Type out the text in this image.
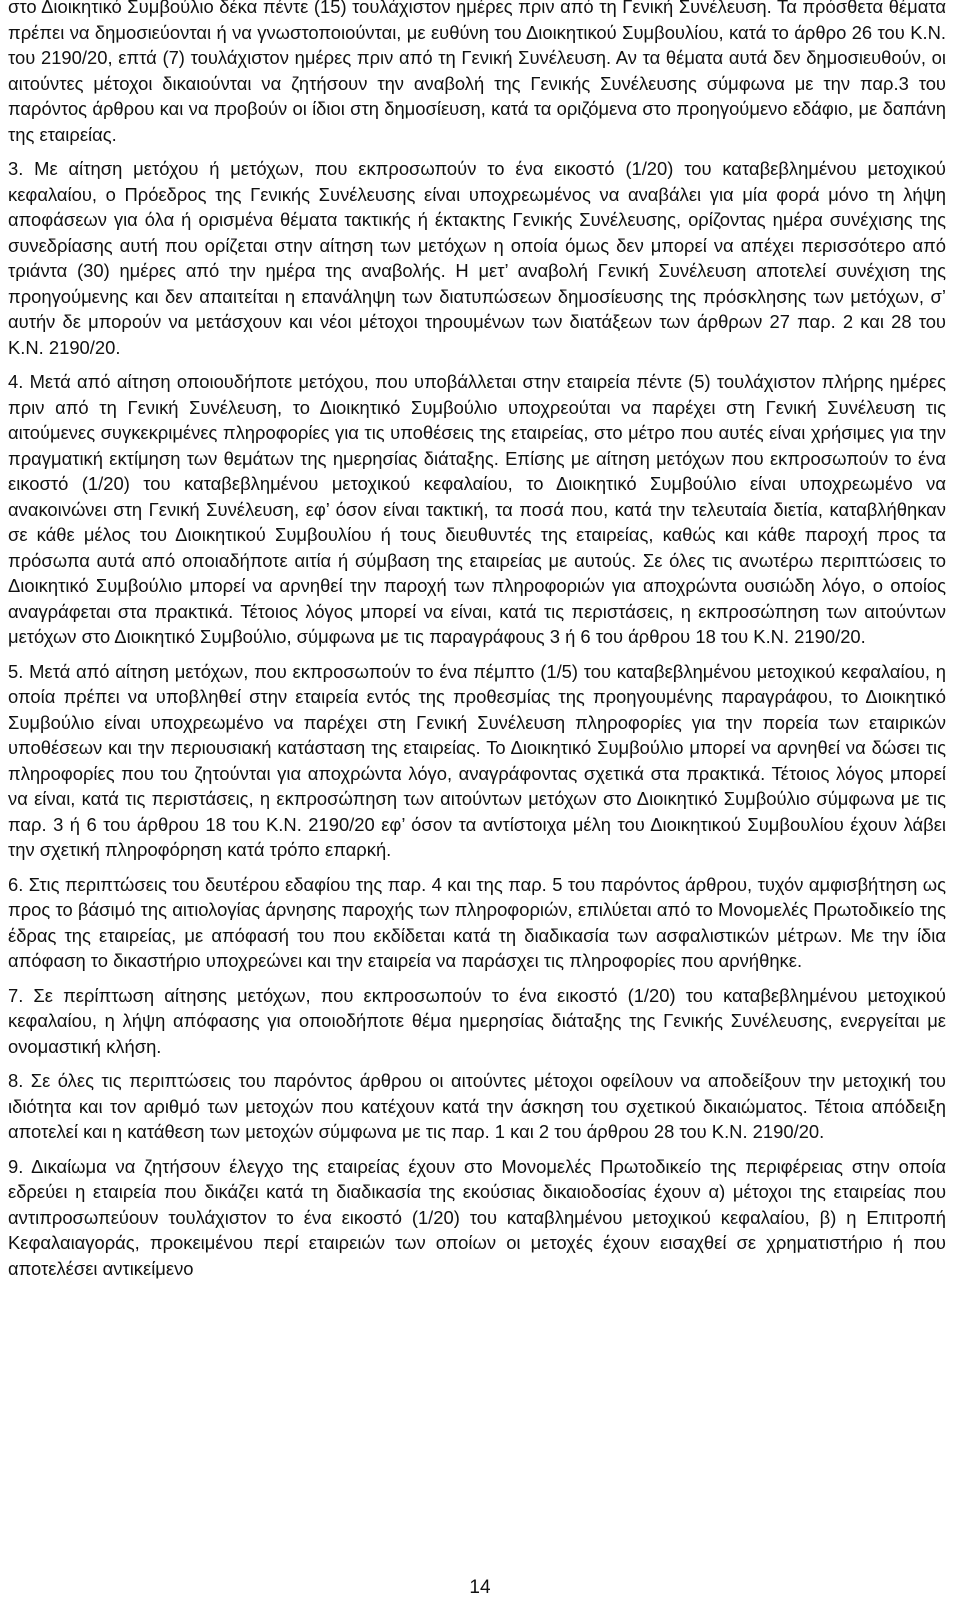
στο Διοικητικό Συμβούλιο δέκα πέντε (15) τουλάχιστον ημέρες πριν από τη Γενική Συνέλευση. Τα πρόσθετα θέματα πρέπει να δημοσιεύονται ή να γνωστοποιούνται, με ευθύνη του Διοικητικού Συμβουλίου, κατά το άρθρο 26 του Κ.Ν. του 2190/20, επτά (7) τουλάχιστον ημέρες πριν από τη Γενική Συνέλευση. Αν τα θέματα αυτά δεν δημοσιευθούν, οι αιτούντες μέτοχοι δικαιούνται να ζητήσουν την αναβολή της Γενικής Συνέλευσης σύμφωνα με την παρ.3 του παρόντος άρθρου και να προβούν οι ίδιοι στη δημοσίευση, κατά τα οριζόμενα στο προηγούμενο εδάφιο, με δαπάνη της εταιρείας.

3. Με αίτηση μετόχου ή μετόχων, που εκπροσωπούν το ένα εικοστό (1/20) του καταβεβλημένου μετοχικού κεφαλαίου, ο Πρόεδρος της Γενικής Συνέλευσης είναι υποχρεωμένος να αναβάλει για μία φορά μόνο τη λήψη αποφάσεων για όλα ή ορισμένα θέματα τακτικής ή έκτακτης Γενικής Συνέλευσης, ορίζοντας ημέρα συνέχισης της συνεδρίασης αυτή που ορίζεται στην αίτηση των μετόχων η οποία όμως δεν μπορεί να απέχει περισσότερο από τριάντα (30) ημέρες από την ημέρα της αναβολής. Η μετ’ αναβολή Γενική Συνέλευση αποτελεί συνέχιση της προηγούμενης και δεν απαιτείται η επανάληψη των διατυπώσεων δημοσίευσης της πρόσκλησης των μετόχων, σ’ αυτήν δε μπορούν να μετάσχουν και νέοι μέτοχοι τηρουμένων των διατάξεων των άρθρων 27 παρ. 2 και 28 του Κ.Ν. 2190/20.

4. Μετά από αίτηση οποιουδήποτε μετόχου, που υποβάλλεται στην εταιρεία πέντε (5) τουλάχιστον πλήρης ημέρες πριν από τη Γενική Συνέλευση, το Διοικητικό Συμβούλιο υποχρεούται να παρέχει στη Γενική Συνέλευση τις αιτούμενες συγκεκριμένες πληροφορίες για τις υποθέσεις της εταιρείας, στο μέτρο που αυτές είναι χρήσιμες για την πραγματική εκτίμηση των θεμάτων της ημερησίας διάταξης. Επίσης με αίτηση μετόχων που εκπροσωπούν το ένα εικοστό (1/20) του καταβεβλημένου μετοχικού κεφαλαίου, το Διοικητικό Συμβούλιο είναι υποχρεωμένο να ανακοινώνει στη Γενική Συνέλευση, εφ’ όσον είναι τακτική, τα ποσά που, κατά την τελευταία διετία, καταβλήθηκαν σε κάθε μέλος του Διοικητικού Συμβουλίου ή τους διευθυντές της εταιρείας, καθώς και κάθε παροχή προς τα πρόσωπα αυτά από οποιαδήποτε αιτία ή σύμβαση της εταιρείας με αυτούς. Σε όλες τις ανωτέρω περιπτώσεις το Διοικητικό Συμβούλιο μπορεί να αρνηθεί την παροχή των πληροφοριών για αποχρώντα ουσιώδη λόγο, ο οποίος αναγράφεται στα πρακτικά. Τέτοιος λόγος μπορεί να είναι, κατά τις περιστάσεις, η εκπροσώπηση των αιτούντων μετόχων στο Διοικητικό Συμβούλιο, σύμφωνα με τις παραγράφους 3 ή 6 του άρθρου 18 του Κ.Ν. 2190/20.

5. Μετά από αίτηση μετόχων, που εκπροσωπούν το ένα πέμπτο (1/5) του καταβεβλημένου μετοχικού κεφαλαίου, η οποία πρέπει να υποβληθεί στην εταιρεία εντός της προθεσμίας της προηγουμένης παραγράφου, το Διοικητικό Συμβούλιο είναι υποχρεωμένο να παρέχει στη Γενική Συνέλευση πληροφορίες για την πορεία των εταιρικών υποθέσεων και την περιουσιακή κατάσταση της εταιρείας. Το Διοικητικό Συμβούλιο μπορεί να αρνηθεί να δώσει τις πληροφορίες που του ζητούνται για αποχρώντα λόγο, αναγράφοντας σχετικά στα πρακτικά. Τέτοιος λόγος μπορεί να είναι, κατά τις περιστάσεις, η εκπροσώπηση των αιτούντων μετόχων στο Διοικητικό Συμβούλιο σύμφωνα με τις παρ. 3 ή 6 του άρθρου 18 του Κ.Ν. 2190/20 εφ’ όσον τα αντίστοιχα μέλη του Διοικητικού Συμβουλίου έχουν λάβει την σχετική πληροφόρηση κατά τρόπο επαρκή.

6. Στις περιπτώσεις του δευτέρου εδαφίου της παρ. 4 και της παρ. 5 του παρόντος άρθρου, τυχόν αμφισβήτηση ως προς το βάσιμό της αιτιολογίας άρνησης παροχής των πληροφοριών, επιλύεται από το Μονομελές Πρωτοδικείο της έδρας της εταιρείας, με απόφασή του που εκδίδεται κατά τη διαδικασία των ασφαλιστικών μέτρων. Με την ίδια απόφαση το δικαστήριο υποχρεώνει και την εταιρεία να παράσχει τις πληροφορίες που αρνήθηκε.

7. Σε περίπτωση αίτησης μετόχων, που εκπροσωπούν το ένα εικοστό (1/20) του καταβεβλημένου μετοχικού κεφαλαίου, η λήψη απόφασης για οποιοδήποτε θέμα ημερησίας διάταξης της Γενικής Συνέλευσης, ενεργείται με ονομαστική κλήση.

8. Σε όλες τις περιπτώσεις του παρόντος άρθρου οι αιτούντες μέτοχοι οφείλουν να αποδείξουν την μετοχική του ιδιότητα και τον αριθμό των μετοχών που κατέχουν κατά την άσκηση του σχετικού δικαιώματος. Τέτοια απόδειξη αποτελεί και η κατάθεση των μετοχών σύμφωνα με τις παρ. 1 και 2 του άρθρου 28 του Κ.Ν. 2190/20.

9. Δικαίωμα να ζητήσουν έλεγχο της εταιρείας έχουν στο Μονομελές Πρωτοδικείο της περιφέρειας στην οποία εδρεύει η εταιρεία που δικάζει κατά τη διαδικασία της εκούσιας δικαιοδοσίας έχουν α) μέτοχοι της εταιρείας που αντιπροσωπεύουν τουλάχιστον το ένα εικοστό (1/20) του καταβλημένου μετοχικού κεφαλαίου, β) η Επιτροπή Κεφαλαιαγοράς, προκειμένου περί εταιρειών των οποίων οι μετοχές έχουν εισαχθεί σε χρηματιστήριο ή που αποτελέσει αντικείμενο

14
